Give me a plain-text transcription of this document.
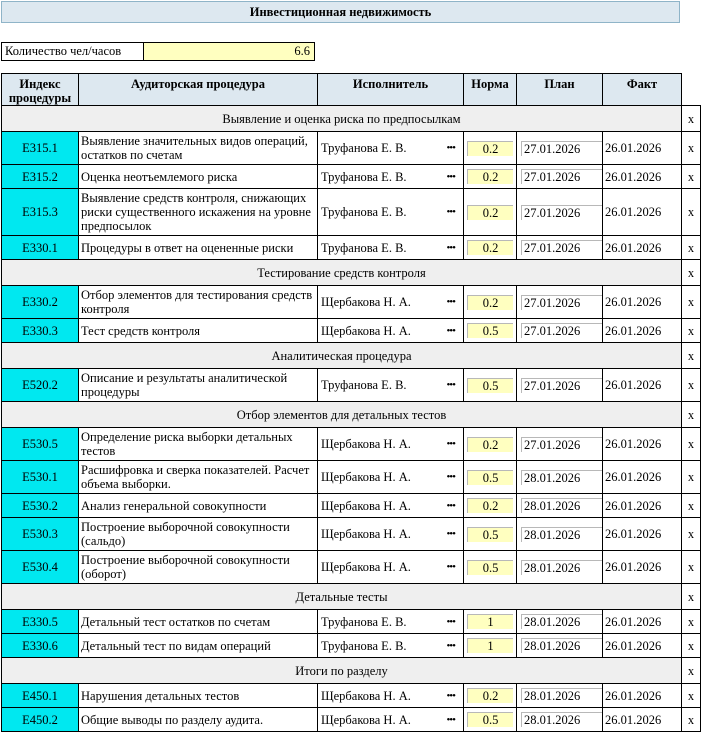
Инвестиционная недвижимость
Количество чел/часов	6.6
Индекс процедуры	Аудиторская процедура	Исполнитель	Норма	План	Факт	
Выявление и оценка риска по предпосылкам						x
E315.1	Выявление значительных видов операций, остатков по счетам	Труфанова Е. В. •••	0.2	27.01.2026	26.01.2026	x
E315.2	Оценка неотъемлемого риска	Труфанова Е. В. •••	0.2	27.01.2026	26.01.2026	x
E315.3	Выявление средств контроля, снижающих риски существенного искажения на уровне предпосылок	Труфанова Е. В. •••	0.2	27.01.2026	26.01.2026	x
E330.1	Процедуры в ответ на оцененные риски	Труфанова Е. В. •••	0.2	27.01.2026	26.01.2026	x
Тестирование средств контроля						x
E330.2	Отбор элементов для тестирования средств контроля	Щербакова Н. А. •••	0.2	27.01.2026	26.01.2026	x
E330.3	Тест средств контроля	Щербакова Н. А. •••	0.5	27.01.2026	26.01.2026	x
Аналитическая процедура						x
E520.2	Описание и результаты аналитической процедуры	Труфанова Е. В. •••	0.5	27.01.2026	26.01.2026	x
Отбор элементов для детальных тестов						x
E530.5	Определение риска выборки детальных тестов	Щербакова Н. А. •••	0.2	27.01.2026	26.01.2026	x
E530.1	Расшифровка и сверка показателей. Расчет объема выборки.	Щербакова Н. А. •••	0.5	28.01.2026	26.01.2026	x
E530.2	Анализ генеральной совокупности	Щербакова Н. А. •••	0.2	28.01.2026	26.01.2026	x
E530.3	Построение выборочной совокупности (сальдо)	Щербакова Н. А. •••	0.5	28.01.2026	26.01.2026	x
E530.4	Построение выборочной совокупности (оборот)	Щербакова Н. А. •••	0.5	28.01.2026	26.01.2026	x
Детальные тесты						x
E330.5	Детальный тест остатков по счетам	Труфанова Е. В. •••	1	28.01.2026	26.01.2026	x
E330.6	Детальный тест по видам операций	Труфанова Е. В. •••	1	28.01.2026	26.01.2026	x
Итоги по разделу						x
E450.1	Нарушения детальных тестов	Щербакова Н. А. •••	0.2	28.01.2026	26.01.2026	x
E450.2	Общие выводы по разделу аудита.	Щербакова Н. А. •••	0.5	28.01.2026	26.01.2026	x
